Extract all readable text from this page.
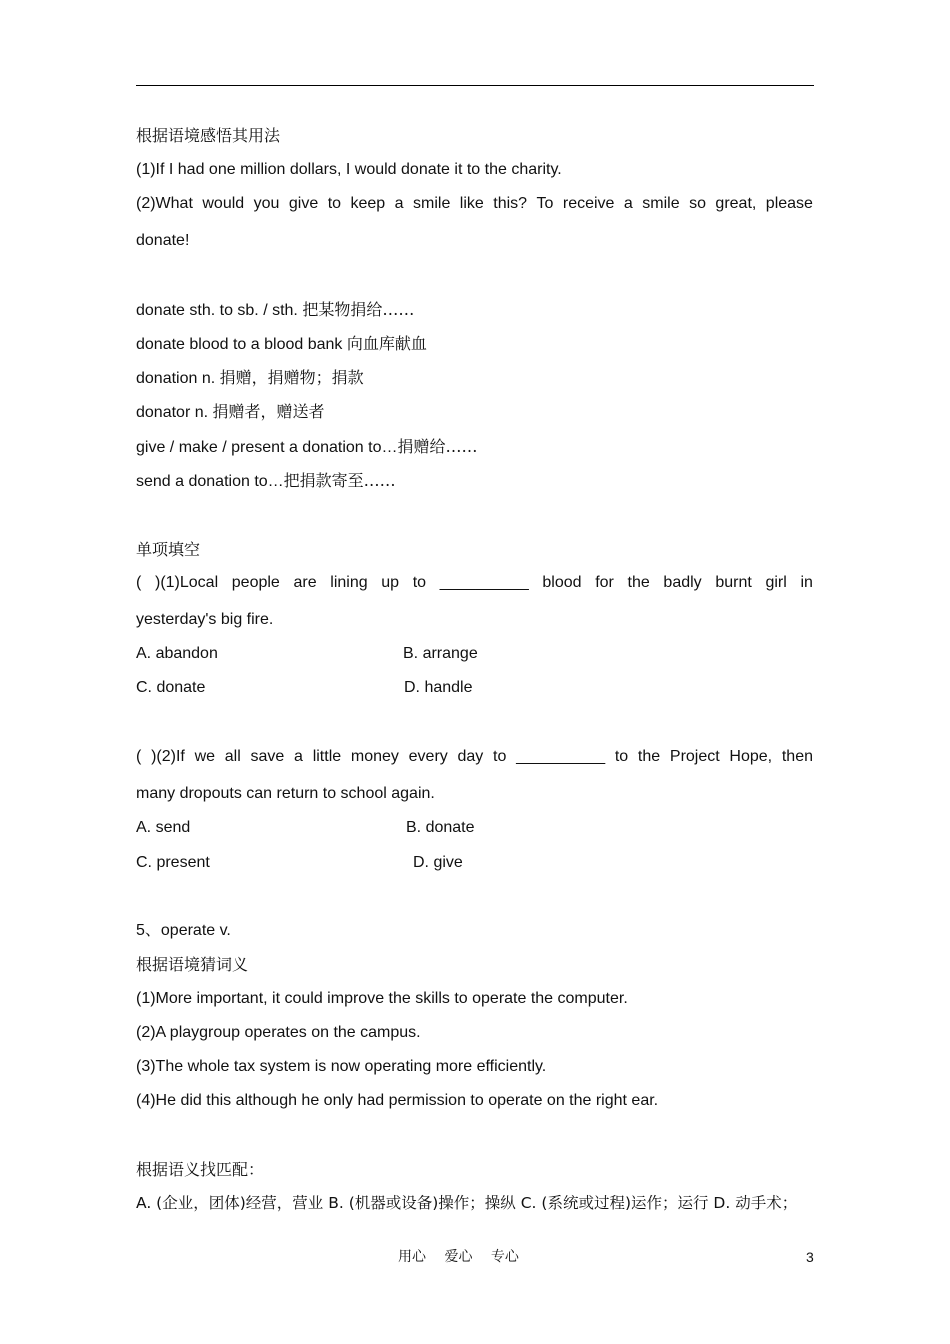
根据语境感悟其用法
(1)If I had one million dollars, I would donate it to the charity.
(2)What would you give to keep a smile like this? To receive a smile so great, please
donate!
donate sth. to sb. / sth. 把某物捐给……
donate blood to a blood bank 向血库献血
donation n. 捐赠，捐赠物；捐款
donator n. 捐赠者，赠送者
give / make / present a donation to…捐赠给……
send a donation to…把捐款寄至……
单项填空
( )(1)Local people are lining up to __________ blood for the badly burnt girl in
yesterday's big fire.
A. abandon	B. arrange
C. donate	D. handle
( )(2)If we all save a little money every day to __________ to the Project Hope, then
many dropouts can return to school again.
A. send	B. donate
C. present	D. give
5、operate v.
根据语境猜词义
(1)More important, it could improve the skills to operate the computer.
(2)A playgroup operates on the campus.
(3)The whole tax system is now operating more efficiently.
(4)He did this although he only had permission to operate on the right ear.
根据语义找匹配：
A. (企业，团体)经营，营业 B. (机器或设备)操作；操纵 C. (系统或过程)运作；运行 D. 动手术；
用心　 爱心　 专心	3
